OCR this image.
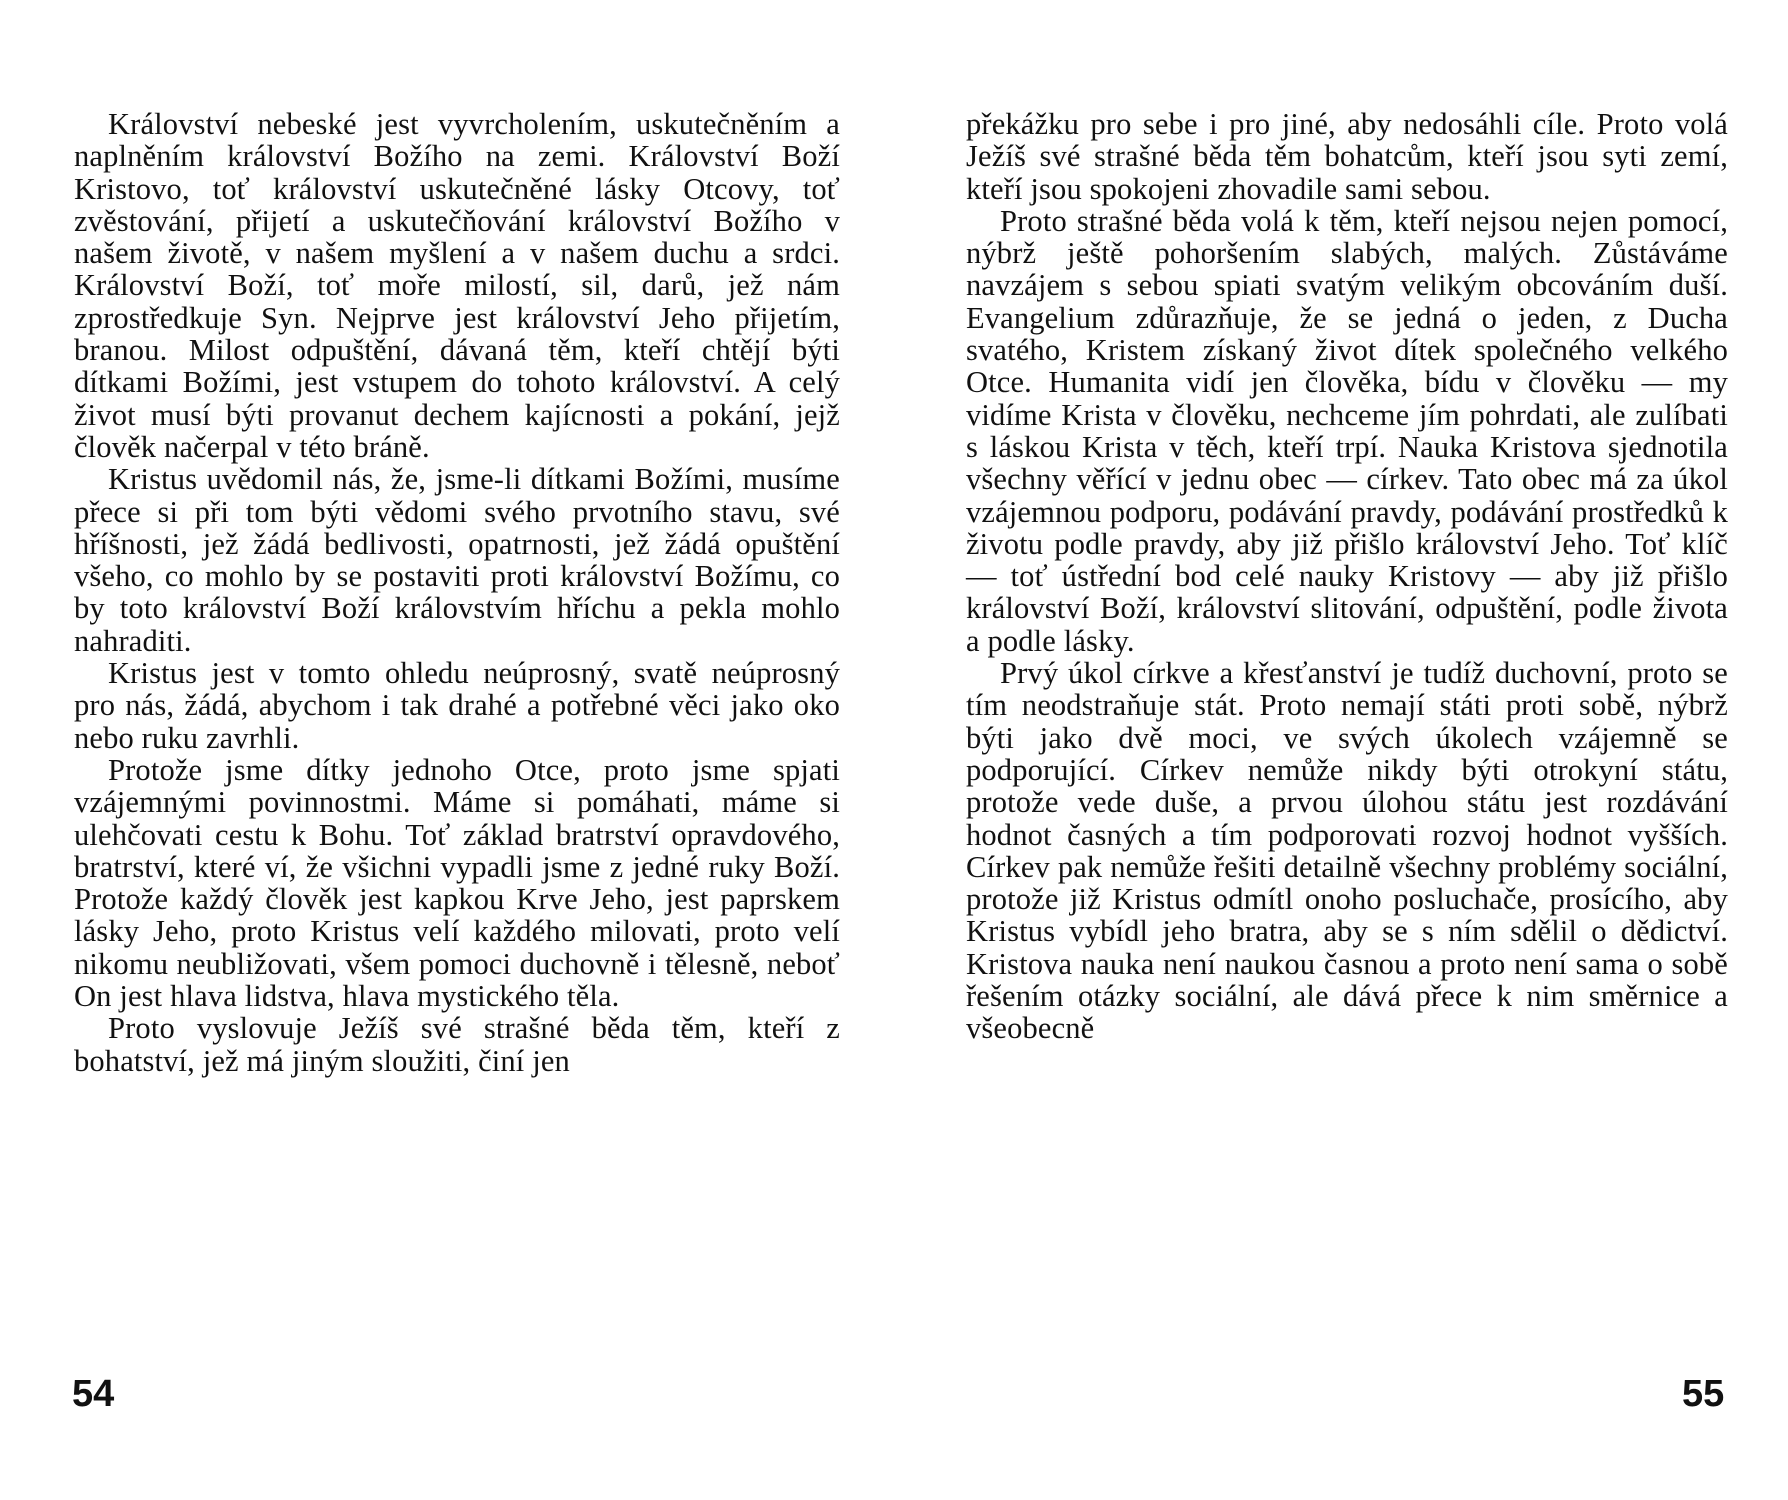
Království nebeské jest vyvrcholením, uskutečněním a naplněním království Božího na zemi. Království Boží Kristovo, toť království uskutečněné lásky Otcovy, toť zvěstování, přijetí a uskutečňování království Božího v našem životě, v našem myšlení a v našem duchu a srdci. Království Boží, toť moře milostí, sil, darů, jež nám zprostředkuje Syn. Nejprve jest království Jeho přijetím, branou. Milost odpuštění, dávaná těm, kteří chtějí býti dítkami Božími, jest vstupem do tohoto království. A celý život musí býti provanut dechem kajícnosti a pokání, jejž člověk načerpal v této bráně.

Kristus uvědomil nás, že, jsme-li dítkami Božími, musíme přece si při tom býti vědomi svého prvotního stavu, své hříšnosti, jež žádá bedlivosti, opatrnosti, jež žádá opuštění všeho, co mohlo by se postaviti proti království Božímu, co by toto království Boží královstvím hříchu a pekla mohlo nahraditi.

Kristus jest v tomto ohledu neúprosný, svatě neúprosný pro nás, žádá, abychom i tak drahé a potřebné věci jako oko nebo ruku zavrhli.

Protože jsme dítky jednoho Otce, proto jsme spjati vzájemnými povinnostmi. Máme si pomáhati, máme si ulehčovati cestu k Bohu. Toť základ bratrství opravdového, bratrství, které ví, že všichni vypadli jsme z jedné ruky Boží. Protože každý člověk jest kapkou Krve Jeho, jest paprskem lásky Jeho, proto Kristus velí každého milovati, proto velí nikomu neubližovati, všem pomoci duchovně i tělesně, neboť On jest hlava lidstva, hlava mystického těla.

Proto vyslovuje Ježíš své strašné běda těm, kteří z bohatství, jež má jiným sloužiti, činí jen

překážku pro sebe i pro jiné, aby nedosáhli cíle. Proto volá Ježíš své strašné běda těm bohatcům, kteří jsou syti zemí, kteří jsou spokojeni zhovadile sami sebou.

Proto strašné běda volá k těm, kteří nejsou nejen pomocí, nýbrž ještě pohoršením slabých, malých. Zůstáváme navzájem s sebou spiati svatým velikým obcováním duší. Evangelium zdůrazňuje, že se jedná o jeden, z Ducha svatého, Kristem získaný život dítek společného velkého Otce. Humanita vidí jen člověka, bídu v člověku — my vidíme Krista v člověku, nechceme jím pohrdati, ale zulíbati s láskou Krista v těch, kteří trpí. Nauka Kristova sjednotila všechny věřící v jednu obec — církev. Tato obec má za úkol vzájemnou podporu, podávání pravdy, podávání prostředků k životu podle pravdy, aby již přišlo království Jeho. Toť klíč — toť ústřední bod celé nauky Kristovy — aby již přišlo království Boží, království slitování, odpuštění, podle života a podle lásky.

Prvý úkol církve a křesťanství je tudíž duchovní, proto se tím neodstraňuje stát. Proto nemají státi proti sobě, nýbrž býti jako dvě moci, ve svých úkolech vzájemně se podporující. Církev nemůže nikdy býti otrokyní státu, protože vede duše, a prvou úlohou státu jest rozdávání hodnot časných a tím podporovati rozvoj hodnot vyšších. Církev pak nemůže řešiti detailně všechny problémy sociální, protože již Kristus odmítl onoho posluchače, prosícího, aby Kristus vybídl jeho bratra, aby se s ním sdělil o dědictví. Kristova nauka není naukou časnou a proto není sama o sobě řešením otázky sociální, ale dává přece k nim směrnice a všeobecně

54	55
